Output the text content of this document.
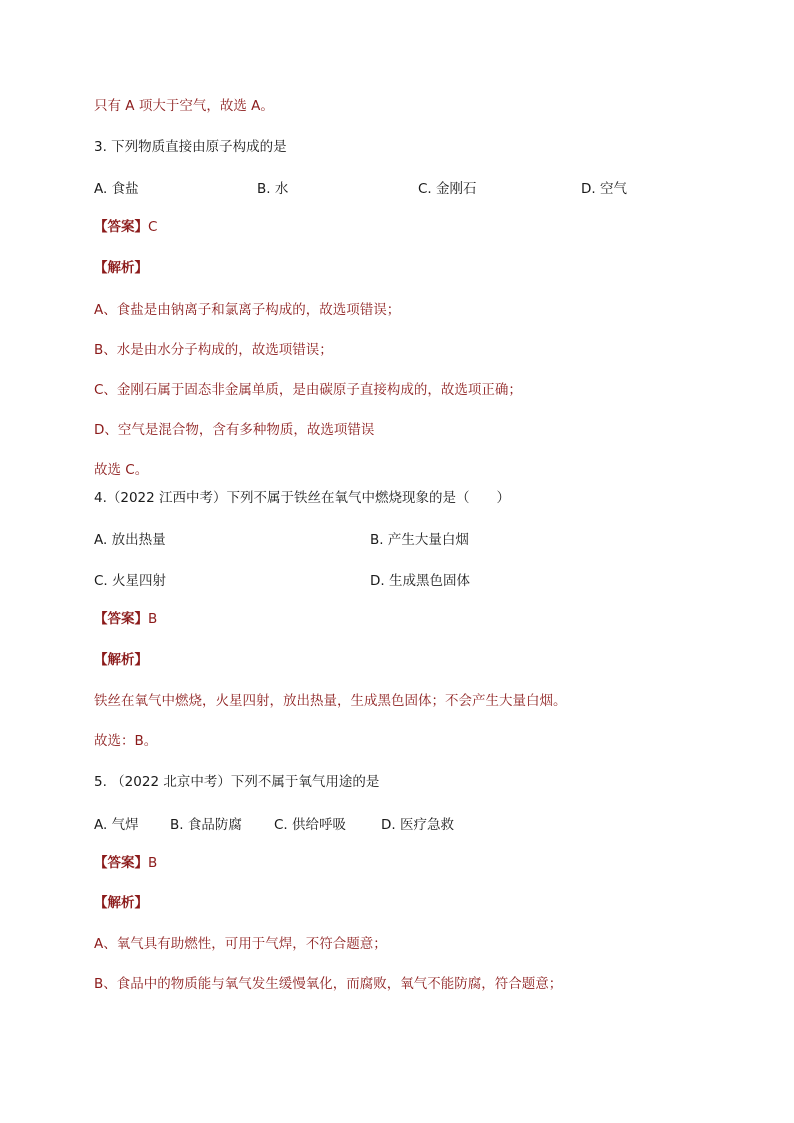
只有 A 项大于空气，故选 A。
3. 下列物质直接由原子构成的是
A. 食盐	B. 水	C. 金刚石	D. 空气
【答案】C
【解析】
A、食盐是由钠离子和氯离子构成的，故选项错误；
B、水是由水分子构成的，故选项错误；
C、金刚石属于固态非金属单质，是由碳原子直接构成的，故选项正确；
D、空气是混合物，含有多种物质，故选项错误
故选 C。
4.（2022 江西中考）下列不属于铁丝在氧气中燃烧现象的是（　　）
A. 放出热量	B. 产生大量白烟
C. 火星四射	D. 生成黑色固体
【答案】B
【解析】
铁丝在氧气中燃烧，火星四射，放出热量，生成黑色固体；不会产生大量白烟。
故选：B。
5. （2022 北京中考）下列不属于氧气用途的是
A. 气焊 B. 食品防腐 C. 供给呼吸	D. 医疗急救
【答案】B
【解析】
A、氧气具有助燃性，可用于气焊，不符合题意；
B、食品中的物质能与氧气发生缓慢氧化，而腐败，氧气不能防腐，符合题意；
